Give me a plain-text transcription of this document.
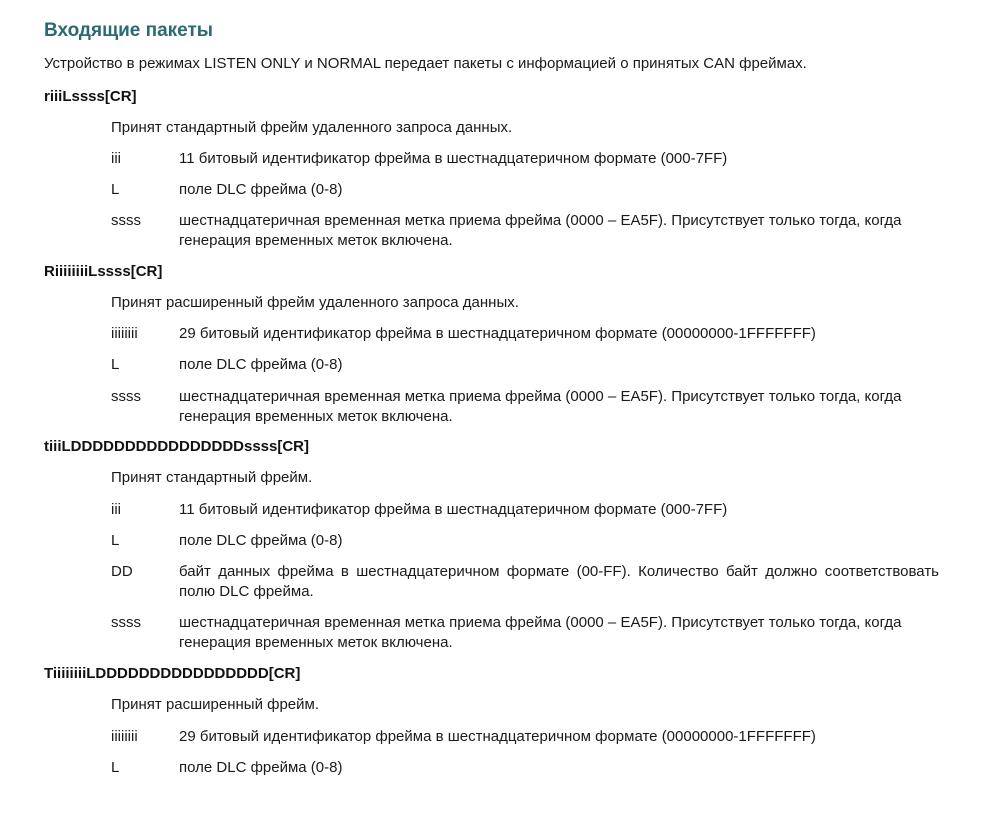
Входящие пакеты

Устройство в режимах LISTEN ONLY и NORMAL передает пакеты с информацией о принятых CAN фреймах.

riiiLssss[CR]
Принят стандартный фрейм удаленного запроса данных.
iii	11 битовый идентификатор фрейма в шестнадцатеричном формате (000-7FF)
L	поле DLC фрейма (0-8)
ssss	шестнадцатеричная временная метка приема фрейма (0000 – EA5F). Присутствует только тогда, когда генерация временных меток включена.
RiiiiiiiiLssss[CR]
Принят расширенный фрейм удаленного запроса данных.
iiiiiiii	29 битовый идентификатор фрейма в шестнадцатеричном формате (00000000-1FFFFFFF)
L	поле DLC фрейма (0-8)
ssss	шестнадцатеричная временная метка приема фрейма (0000 – EA5F). Присутствует только тогда, когда генерация временных меток включена.
tiiiLDDDDDDDDDDDDDDDDssss[CR]
Принят стандартный фрейм.
iii	11 битовый идентификатор фрейма в шестнадцатеричном формате (000-7FF)
L	поле DLC фрейма (0-8)
DD	байт данных фрейма в шестнадцатеричном формате (00-FF). Количество байт должно соответствовать полю DLC фрейма.
ssss	шестнадцатеричная временная метка приема фрейма (0000 – EA5F). Присутствует только тогда, когда генерация временных меток включена.
TiiiiiiiiLDDDDDDDDDDDDDDDD[CR]
Принят расширенный фрейм.
iiiiiiii	29 битовый идентификатор фрейма в шестнадцатеричном формате (00000000-1FFFFFFF)
L	поле DLC фрейма (0-8)
